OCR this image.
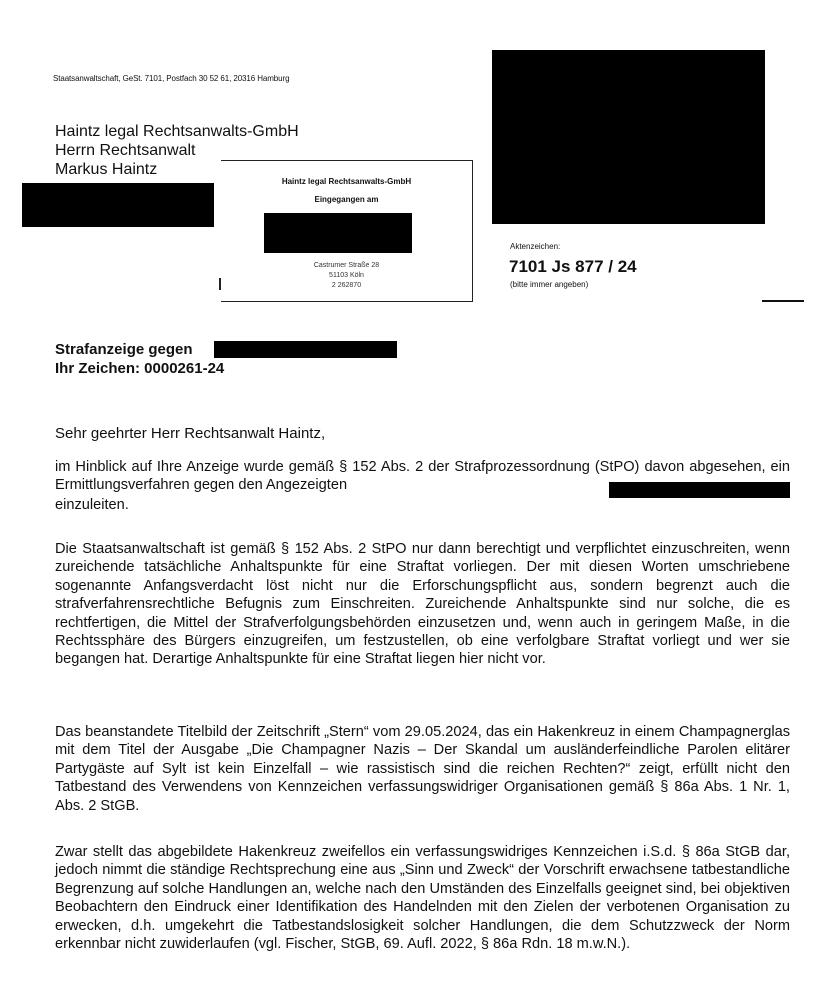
Staatsanwaltschaft, GeSt. 7101, Postfach 30 52 61, 20316 Hamburg
Haintz legal Rechtsanwalts-GmbH
Herrn Rechtsanwalt
Markus Haintz
Haintz legal Rechtsanwalts-GmbH
Eingegangen am
Castrumer Straße 28
51103 Köln
2 262870
Aktenzeichen:
7101 Js 877 / 24
(bitte immer angeben)
Strafanzeige gegen
Ihr Zeichen: 0000261-24
Sehr geehrter Herr Rechtsanwalt Haintz,
im Hinblick auf Ihre Anzeige wurde gemäß § 152 Abs. 2 der Strafprozessordnung (StPO) davon abgesehen, ein Ermittlungsverfahren gegen den Angezeigten
einzuleiten.
Die Staatsanwaltschaft ist gemäß § 152 Abs. 2 StPO nur dann berechtigt und verpflichtet einzuschreiten, wenn zureichende tatsächliche Anhaltspunkte für eine Straftat vorliegen. Der mit diesen Worten umschriebene sogenannte Anfangsverdacht löst nicht nur die Erforschungspflicht aus, sondern begrenzt auch die strafverfahrensrechtliche Befugnis zum Einschreiten. Zureichende Anhaltspunkte sind nur solche, die es rechtfertigen, die Mittel der Strafverfolgungsbehörden einzusetzen und, wenn auch in geringem Maße, in die Rechtssphäre des Bürgers einzugreifen, um festzustellen, ob eine verfolgbare Straftat vorliegt und wer sie begangen hat. Derartige Anhaltspunkte für eine Straftat liegen hier nicht vor.
Das beanstandete Titelbild der Zeitschrift „Stern“ vom 29.05.2024, das ein Hakenkreuz in einem Champagnerglas mit dem Titel der Ausgabe „Die Champagner Nazis – Der Skandal um ausländerfeindliche Parolen elitärer Partygäste auf Sylt ist kein Einzelfall – wie rassistisch sind die reichen Rechten?“ zeigt, erfüllt nicht den Tatbestand des Verwendens von Kennzeichen verfassungswidriger Organisationen gemäß § 86a Abs. 1 Nr. 1, Abs. 2 StGB.
Zwar stellt das abgebildete Hakenkreuz zweifellos ein verfassungswidriges Kennzeichen i.S.d. § 86a StGB dar, jedoch nimmt die ständige Rechtsprechung eine aus „Sinn und Zweck“ der Vorschrift erwachsene tatbestandliche Begrenzung auf solche Handlungen an, welche nach den Umständen des Einzelfalls geeignet sind, bei objektiven Beobachtern den Eindruck einer Identifikation des Handelnden mit den Zielen der verbotenen Organisation zu erwecken, d.h. umgekehrt die Tatbestandslosigkeit solcher Handlungen, die dem Schutzzweck der Norm erkennbar nicht zuwiderlaufen (vgl. Fischer, StGB, 69. Aufl. 2022, § 86a Rdn. 18 m.w.N.).
